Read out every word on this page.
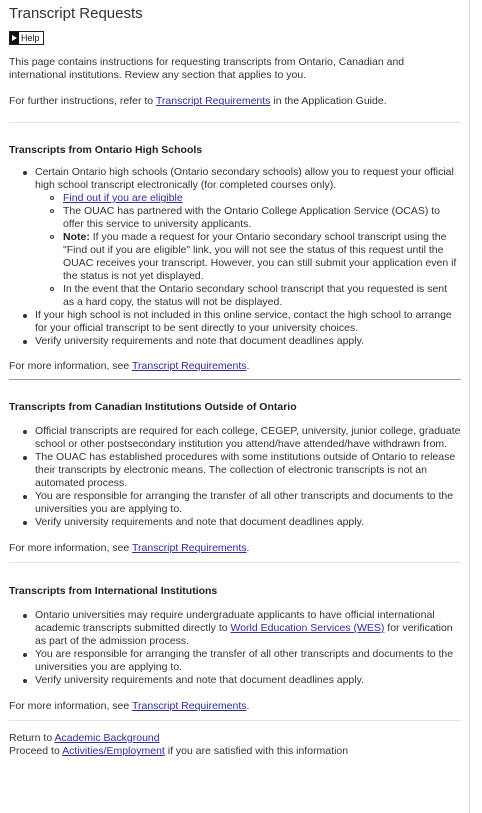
Transcript Requests
Help

This page contains instructions for requesting transcripts from Ontario, Canadian and international institutions. Review any section that applies to you.

For further instructions, refer to Transcript Requirements in the Application Guide.

Transcripts from Ontario High Schools
Certain Ontario high schools (Ontario secondary schools) allow you to request your official high school transcript electronically (for completed courses only).
Find out if you are eligible
The OUAC has partnered with the Ontario College Application Service (OCAS) to offer this service to university applicants.
Note: If you made a request for your Ontario secondary school transcript using the "Find out if you are eligible" link, you will not see the status of this request until the OUAC receives your transcript. However, you can still submit your application even if the status is not yet displayed.
In the event that the Ontario secondary school transcript that you requested is sent as a hard copy, the status will not be displayed.
If your high school is not included in this online service, contact the high school to arrange for your official transcript to be sent directly to your university choices.
Verify university requirements and note that document deadlines apply.

For more information, see Transcript Requirements.

Transcripts from Canadian Institutions Outside of Ontario
Official transcripts are required for each college, CEGEP, university, junior college, graduate school or other postsecondary institution you attend/have attended/have withdrawn from.
The OUAC has established procedures with some institutions outside of Ontario to release their transcripts by electronic means. The collection of electronic transcripts is not an automated process.
You are responsible for arranging the transfer of all other transcripts and documents to the universities you are applying to.
Verify university requirements and note that document deadlines apply.

For more information, see Transcript Requirements.

Transcripts from International Institutions
Ontario universities may require undergraduate applicants to have official international academic transcripts submitted directly to World Education Services (WES) for verification as part of the admission process.
You are responsible for arranging the transfer of all other transcripts and documents to the universities you are applying to.
Verify university requirements and note that document deadlines apply.

For more information, see Transcript Requirements.

Return to Academic Background

Proceed to Activities/Employment if you are satisfied with this information
